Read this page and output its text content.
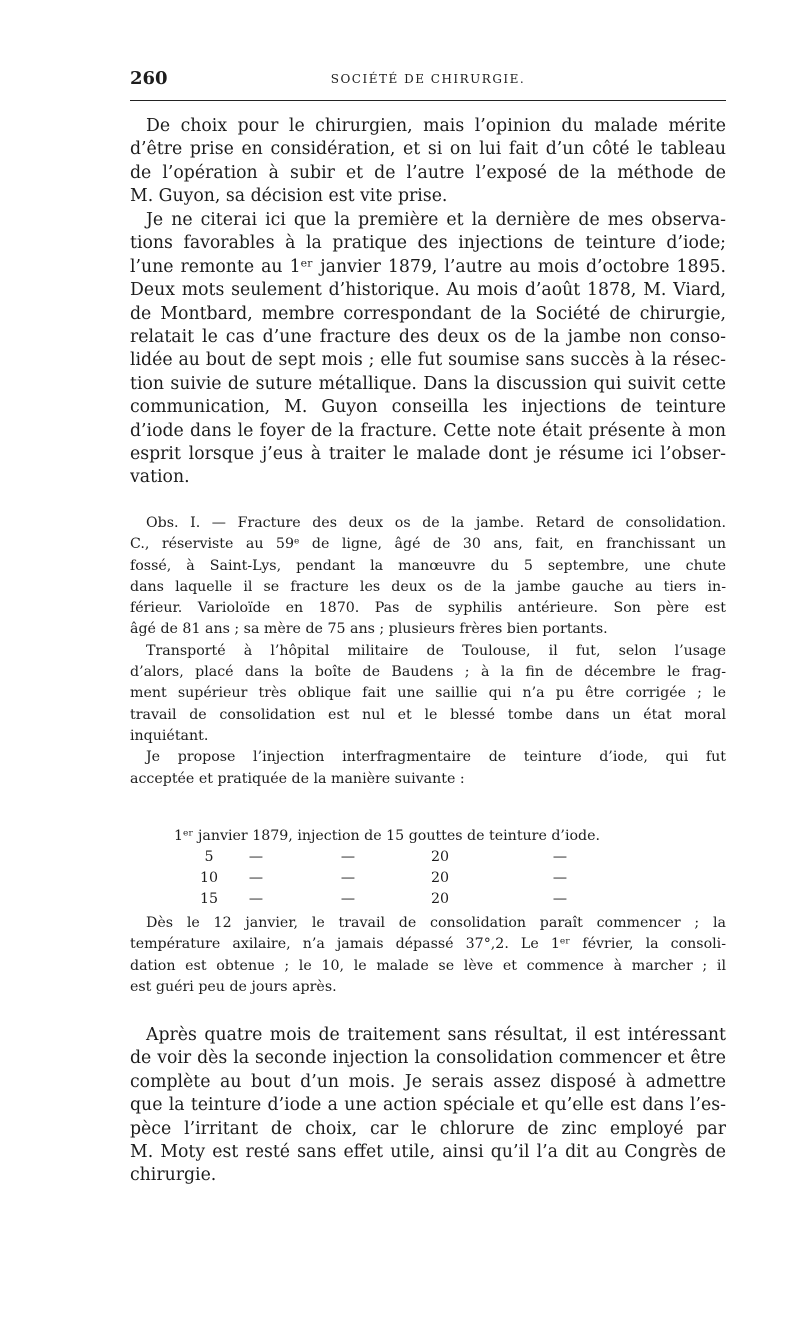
260	SOCIÉTÉ DE CHIRURGIE.
De choix pour le chirurgien, mais l’opinion du malade mérite
d’être prise en considération, et si on lui fait d’un côté le tableau
de l’opération à subir et de l’autre l’exposé de la méthode de
M. Guyon, sa décision est vite prise.
Je ne citerai ici que la première et la dernière de mes observa-
tions favorables à la pratique des injections de teinture d’iode;
l’une remonte au 1ᵉʳ janvier 1879, l’autre au mois d’octobre 1895.
Deux mots seulement d’historique. Au mois d’août 1878, M. Viard,
de Montbard, membre correspondant de la Société de chirurgie,
relatait le cas d’une fracture des deux os de la jambe non conso-
lidée au bout de sept mois ; elle fut soumise sans succès à la résec-
tion suivie de suture métallique. Dans la discussion qui suivit cette
communication, M. Guyon conseilla les injections de teinture
d’iode dans le foyer de la fracture. Cette note était présente à mon
esprit lorsque j’eus à traiter le malade dont je résume ici l’obser-
vation.
Obs. I. — Fracture des deux os de la jambe. Retard de consolidation.
C., réserviste au 59ᵉ de ligne, âgé de 30 ans, fait, en franchissant un
fossé, à Saint-Lys, pendant la manœuvre du 5 septembre, une chute
dans laquelle il se fracture les deux os de la jambe gauche au tiers in-
férieur. Varioloïde en 1870. Pas de syphilis antérieure. Son père est
âgé de 81 ans ; sa mère de 75 ans ; plusieurs frères bien portants.
Transporté à l’hôpital militaire de Toulouse, il fut, selon l’usage
d’alors, placé dans la boîte de Baudens ; à la fin de décembre le frag-
ment supérieur très oblique fait une saillie qui n’a pu être corrigée ; le
travail de consolidation est nul et le blessé tombe dans un état moral
inquiétant.
Je propose l’injection interfragmentaire de teinture d’iode, qui fut
acceptée et pratiquée de la manière suivante :
1ᵉʳ janvier 1879, injection de 15 gouttes de teinture d’iode.
5	—	—	20	—
10	—	—	20	—
15	—	—	20	—
Dès le 12 janvier, le travail de consolidation paraît commencer ; la
température axilaire, n’a jamais dépassé 37°,2. Le 1ᵉʳ février, la consoli-
dation est obtenue ; le 10, le malade se lève et commence à marcher ; il
est guéri peu de jours après.
Après quatre mois de traitement sans résultat, il est intéressant
de voir dès la seconde injection la consolidation commencer et être
complète au bout d’un mois. Je serais assez disposé à admettre
que la teinture d’iode a une action spéciale et qu’elle est dans l’es-
pèce l’irritant de choix, car le chlorure de zinc employé par
M. Moty est resté sans effet utile, ainsi qu’il l’a dit au Congrès de
chirurgie.
